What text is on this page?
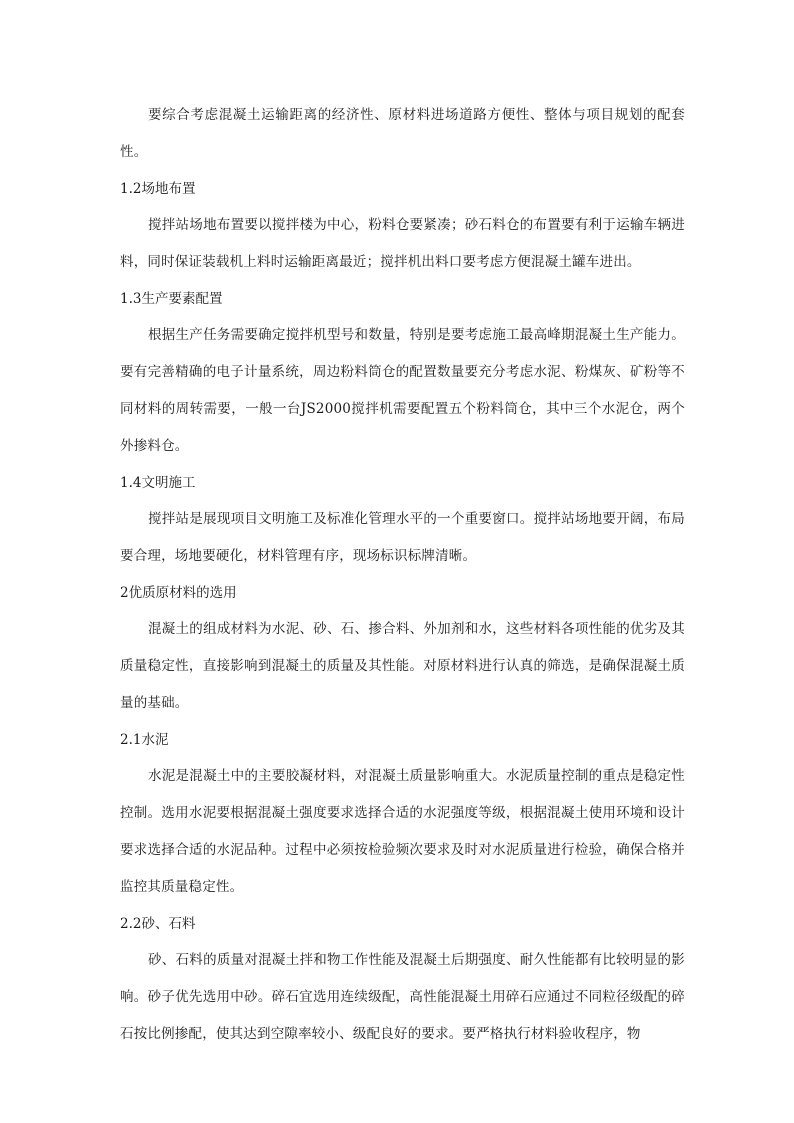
要综合考虑混凝土运输距离的经济性、原材料进场道路方便性、整体与项目规划的配套性。

1.2场地布置

搅拌站场地布置要以搅拌楼为中心，粉料仓要紧凑；砂石料仓的布置要有利于运输车辆进料，同时保证装载机上料时运输距离最近；搅拌机出料口要考虑方便混凝土罐车进出。

1.3生产要素配置

根据生产任务需要确定搅拌机型号和数量，特别是要考虑施工最高峰期混凝土生产能力。要有完善精确的电子计量系统，周边粉料筒仓的配置数量要充分考虑水泥、粉煤灰、矿粉等不同材料的周转需要，一般一台JS2000搅拌机需要配置五个粉料筒仓，其中三个水泥仓，两个外掺料仓。

1.4文明施工

搅拌站是展现项目文明施工及标准化管理水平的一个重要窗口。搅拌站场地要开阔，布局要合理，场地要硬化，材料管理有序，现场标识标牌清晰。

2优质原材料的选用

混凝土的组成材料为水泥、砂、石、掺合料、外加剂和水，这些材料各项性能的优劣及其质量稳定性，直接影响到混凝土的质量及其性能。对原材料进行认真的筛选，是确保混凝土质量的基础。

2.1水泥

水泥是混凝土中的主要胶凝材料，对混凝土质量影响重大。水泥质量控制的重点是稳定性控制。选用水泥要根据混凝土强度要求选择合适的水泥强度等级，根据混凝土使用环境和设计要求选择合适的水泥品种。过程中必须按检验频次要求及时对水泥质量进行检验，确保合格并监控其质量稳定性。

2.2砂、石料

砂、石料的质量对混凝土拌和物工作性能及混凝土后期强度、耐久性能都有比较明显的影响。砂子优先选用中砂。碎石宜选用连续级配，高性能混凝土用碎石应通过不同粒径级配的碎石按比例掺配，使其达到空隙率较小、级配良好的要求。要严格执行材料验收程序，物
